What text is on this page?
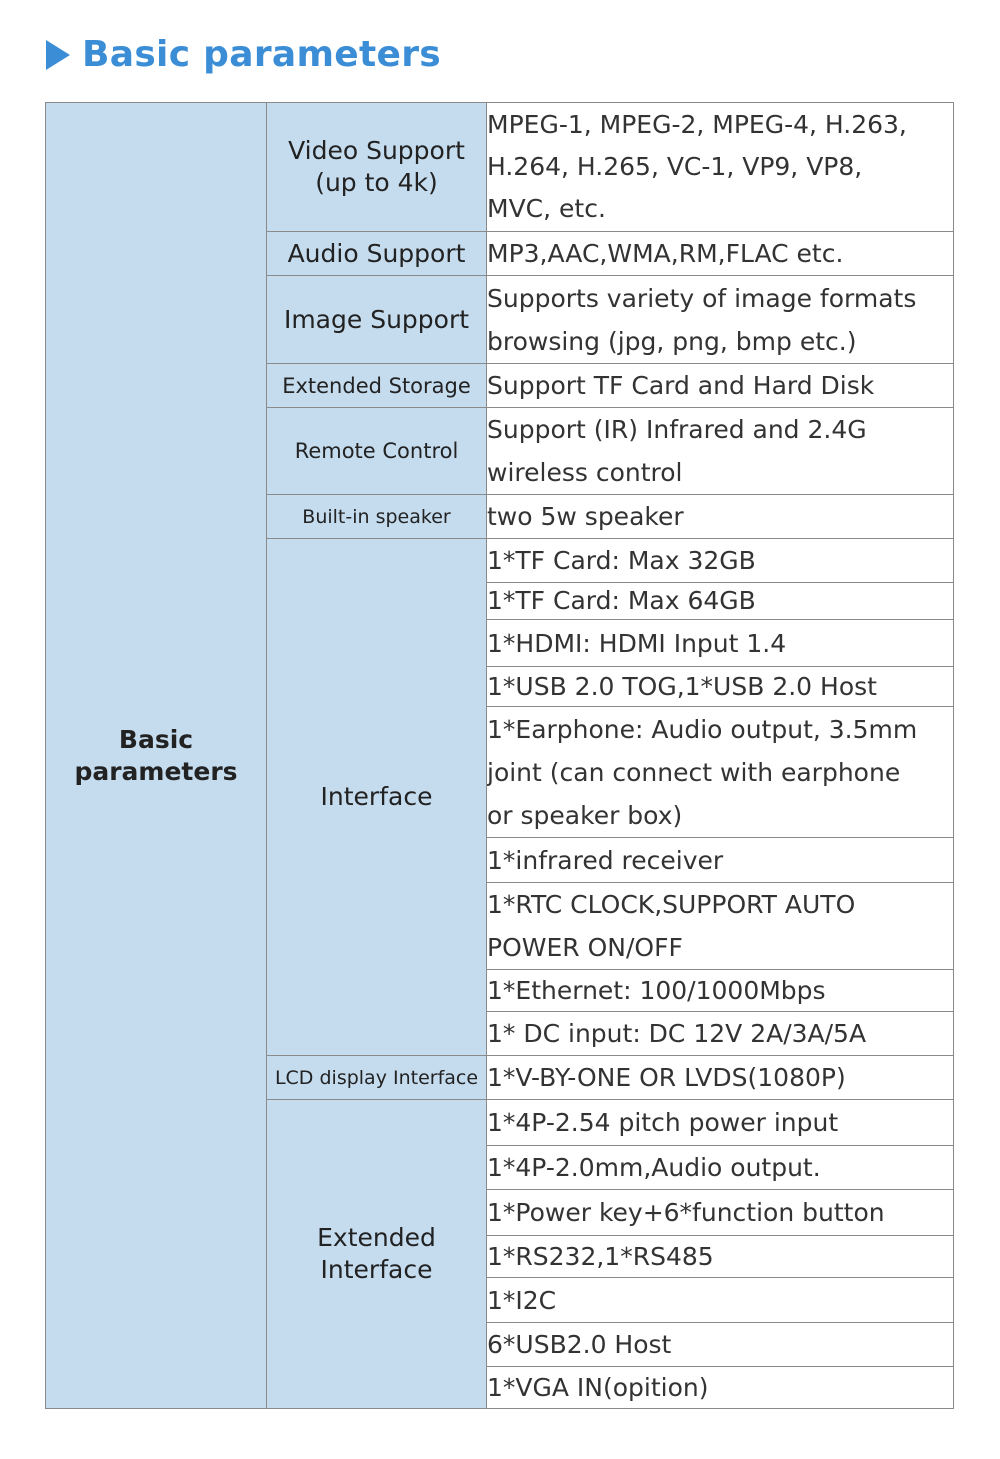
Basic parameters
Basic parameters	Video Support (up to 4k)	MPEG-1, MPEG-2, MPEG-4, H.263,
H.264, H.265, VC-1, VP9, VP8,
MVC, etc.

	Audio Support	MP3,AAC,WMA,RM,FLAC etc.
	Image Support	Supports variety of image formats
browsing (jpg, png, bmp etc.)

	Extended Storage	Support TF Card and Hard Disk
	Remote Control	Support (IR) Infrared and 2.4G
wireless control

	Built-in speaker	two 5w speaker
	Interface	1*TF Card: Max 32GB
		1*TF Card: Max 64GB
		1*HDMI: HDMI Input 1.4
		1*USB 2.0 TOG,1*USB 2.0 Host

		1*Earphone: Audio output, 3.5mm
joint (can connect with earphone
or speaker box)

		1*infrared receiver

		1*RTC CLOCK,SUPPORT AUTO
POWER ON/OFF

		1*Ethernet: 100/1000Mbps
		1* DC input: DC 12V 2A/3A/5A
	LCD display Interface	1*V-BY-ONE OR LVDS(1080P)
	Extended Interface	1*4P-2.54 pitch power input
		1*4P-2.0mm,Audio output.
		1*Power key+6*function button
		1*RS232,1*RS485
		1*I2C
		6*USB2.0 Host
		1*VGA IN(opition)
